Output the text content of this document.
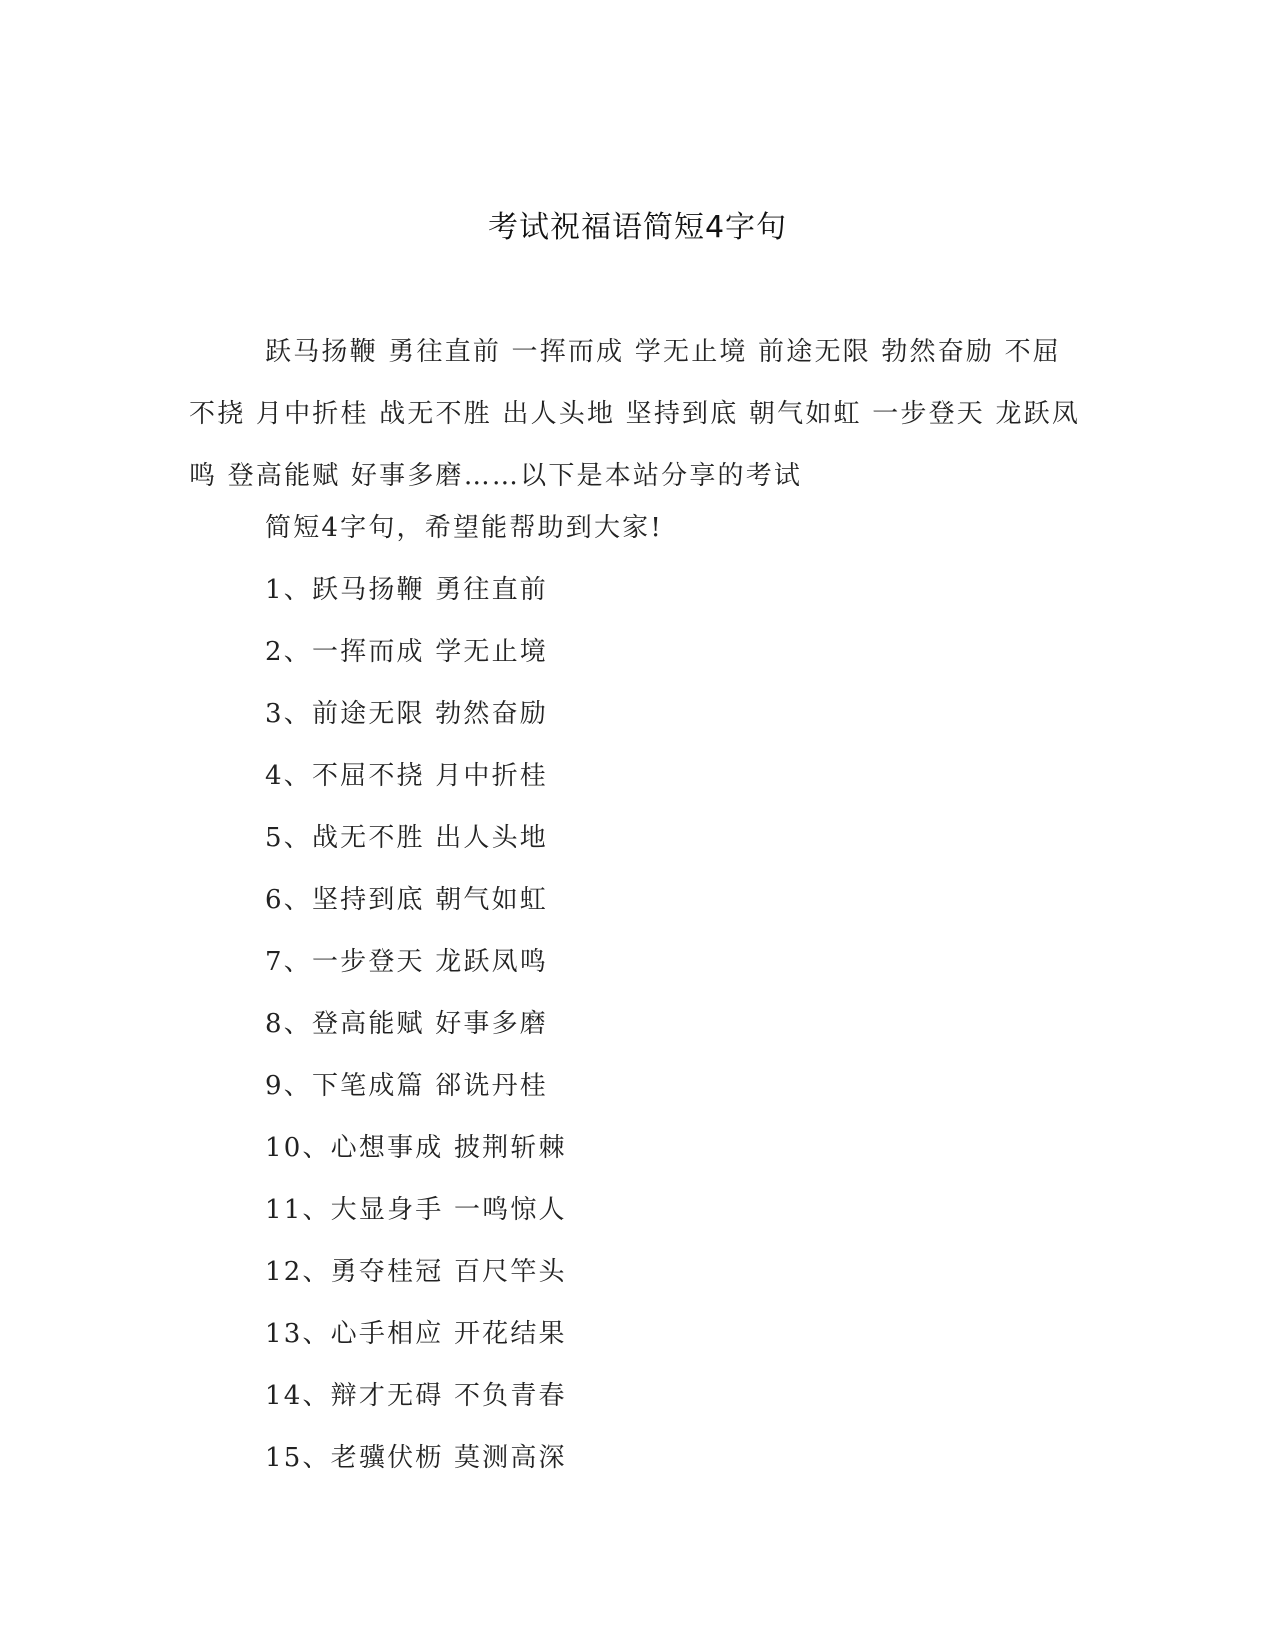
考试祝福语简短4字句
跃马扬鞭 勇往直前 一挥而成 学无止境 前途无限 勃然奋励 不屈不挠 月中折桂 战无不胜 出人头地 坚持到底 朝气如虹 一步登天 龙跃凤鸣 登高能赋 好事多磨……以下是本站分享的考试
简短4字句，希望能帮助到大家!
1、跃马扬鞭 勇往直前
2、一挥而成 学无止境
3、前途无限 勃然奋励
4、不屈不挠 月中折桂
5、战无不胜 出人头地
6、坚持到底 朝气如虹
7、一步登天 龙跃凤鸣
8、登高能赋 好事多磨
9、下笔成篇 郤诜丹桂
10、心想事成 披荆斩棘
11、大显身手 一鸣惊人
12、勇夺桂冠 百尺竿头
13、心手相应 开花结果
14、辩才无碍 不负青春
15、老骥伏枥 莫测高深
